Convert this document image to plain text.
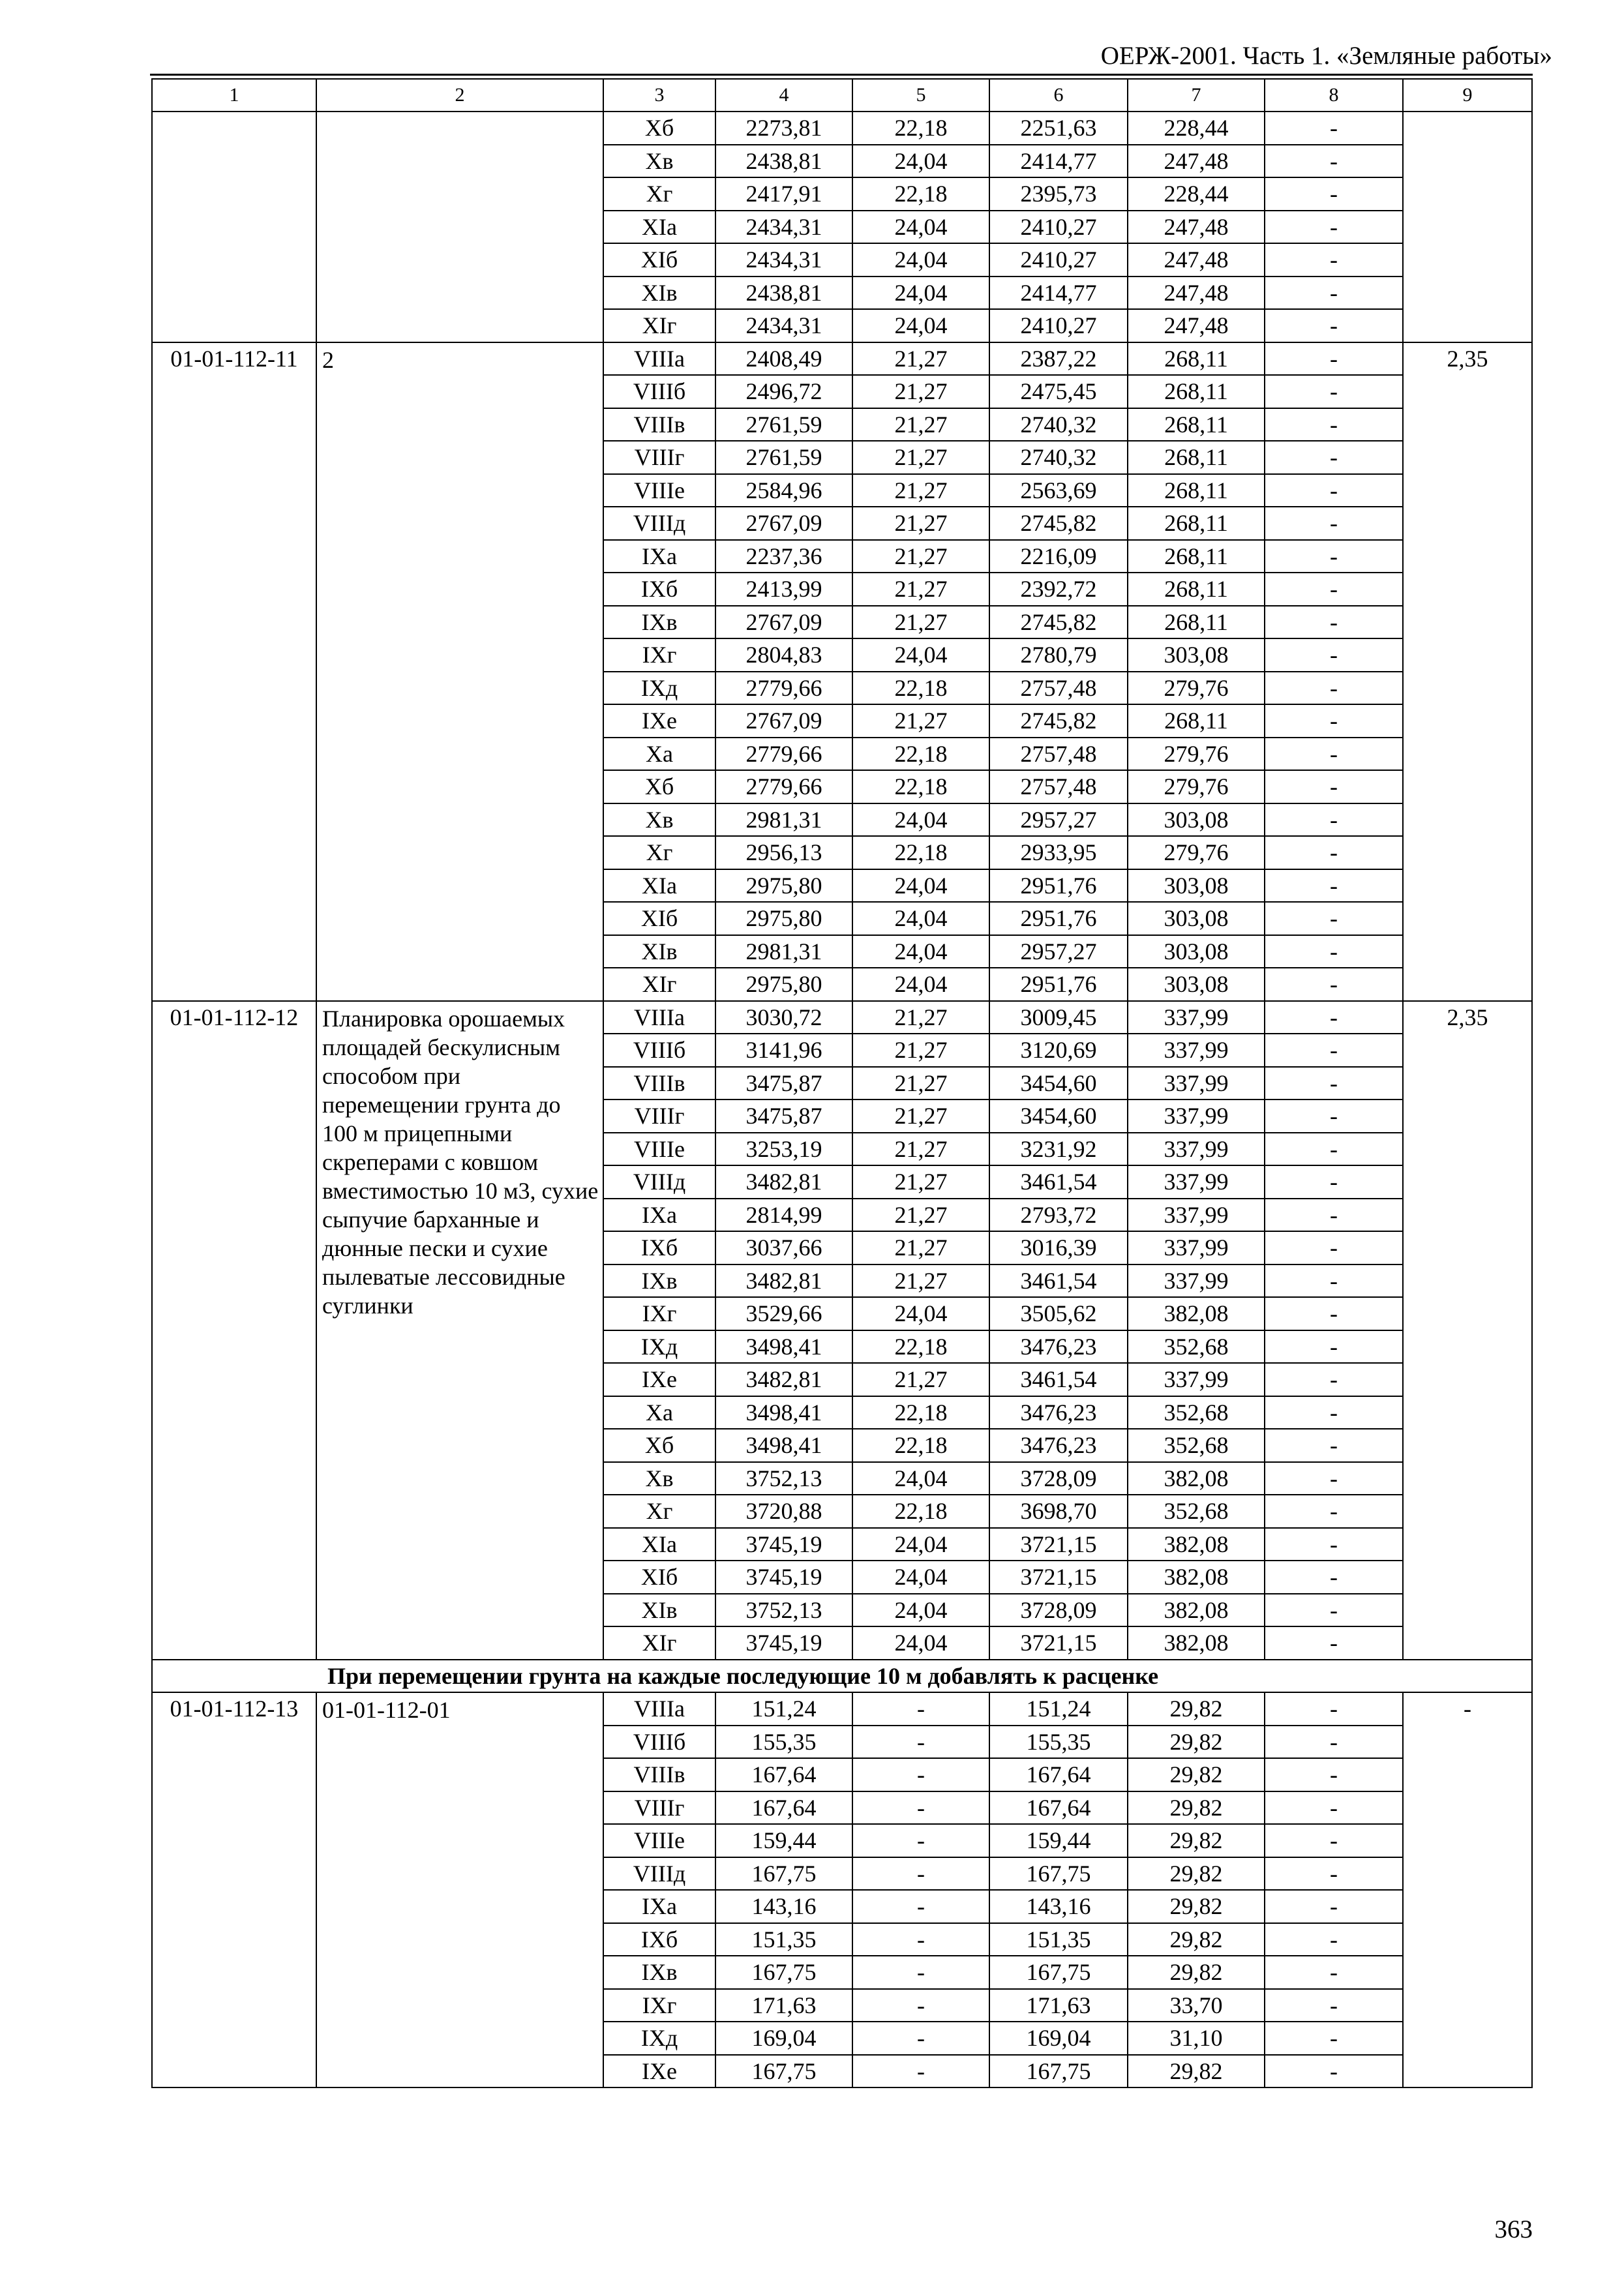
ОЕРЖ-2001. Часть 1. «Земляные работы»
1	2	3	4	5	6	7	8	9
		Xб	2273,81	22,18	2251,63	228,44	-	
		Xв	2438,81	24,04	2414,77	247,48	-	
		Xг	2417,91	22,18	2395,73	228,44	-	
		XIa	2434,31	24,04	2410,27	247,48	-	
		XIб	2434,31	24,04	2410,27	247,48	-	
		XIв	2438,81	24,04	2414,77	247,48	-	
		XIг	2434,31	24,04	2410,27	247,48	-	
01-01-112-11	2	VIIIa	2408,49	21,27	2387,22	268,11	-	2,35
		VIIIб	2496,72	21,27	2475,45	268,11	-	
		VIIIв	2761,59	21,27	2740,32	268,11	-	
		VIIIг	2761,59	21,27	2740,32	268,11	-	
		VIIIe	2584,96	21,27	2563,69	268,11	-	
		VIIIд	2767,09	21,27	2745,82	268,11	-	
		IXa	2237,36	21,27	2216,09	268,11	-	
		IXб	2413,99	21,27	2392,72	268,11	-	
		IXв	2767,09	21,27	2745,82	268,11	-	
		IXг	2804,83	24,04	2780,79	303,08	-	
		IXд	2779,66	22,18	2757,48	279,76	-	
		IXe	2767,09	21,27	2745,82	268,11	-	
		Xa	2779,66	22,18	2757,48	279,76	-	
		Xб	2779,66	22,18	2757,48	279,76	-	
		Xв	2981,31	24,04	2957,27	303,08	-	
		Xг	2956,13	22,18	2933,95	279,76	-	
		XIa	2975,80	24,04	2951,76	303,08	-	
		XIб	2975,80	24,04	2951,76	303,08	-	
		XIв	2981,31	24,04	2957,27	303,08	-	
		XIг	2975,80	24,04	2951,76	303,08	-	
01-01-112-12	Планировка орошаемых площадей бескулисным способом при перемещении грунта до 100 м прицепными скреперами с ковшом вместимостью 10 м3, сухие сыпучие барханные и дюнные пески и сухие пылеватые лессовидные суглинки	VIIIa	3030,72	21,27	3009,45	337,99	-	2,35
		VIIIб	3141,96	21,27	3120,69	337,99	-	
		VIIIв	3475,87	21,27	3454,60	337,99	-	
		VIIIг	3475,87	21,27	3454,60	337,99	-	
		VIIIe	3253,19	21,27	3231,92	337,99	-	
		VIIIд	3482,81	21,27	3461,54	337,99	-	
		IXa	2814,99	21,27	2793,72	337,99	-	
		IXб	3037,66	21,27	3016,39	337,99	-	
		IXв	3482,81	21,27	3461,54	337,99	-	
		IXг	3529,66	24,04	3505,62	382,08	-	
		IXд	3498,41	22,18	3476,23	352,68	-	
		IXe	3482,81	21,27	3461,54	337,99	-	
		Xa	3498,41	22,18	3476,23	352,68	-	
		Xб	3498,41	22,18	3476,23	352,68	-	
		Xв	3752,13	24,04	3728,09	382,08	-	
		Xг	3720,88	22,18	3698,70	352,68	-	
		XIa	3745,19	24,04	3721,15	382,08	-	
		XIб	3745,19	24,04	3721,15	382,08	-	
		XIв	3752,13	24,04	3728,09	382,08	-	
		XIг	3745,19	24,04	3721,15	382,08	-	
При перемещении грунта на каждые последующие 10 м добавлять к расценке								
01-01-112-13	01-01-112-01	VIIIa	151,24	-	151,24	29,82	-	-
		VIIIб	155,35	-	155,35	29,82	-	
		VIIIв	167,64	-	167,64	29,82	-	
		VIIIг	167,64	-	167,64	29,82	-	
		VIIIe	159,44	-	159,44	29,82	-	
		VIIIд	167,75	-	167,75	29,82	-	
		IXa	143,16	-	143,16	29,82	-	
		IXб	151,35	-	151,35	29,82	-	
		IXв	167,75	-	167,75	29,82	-	
		IXг	171,63	-	171,63	33,70	-	
		IXд	169,04	-	169,04	31,10	-	
		IXe	167,75	-	167,75	29,82	-	
363
